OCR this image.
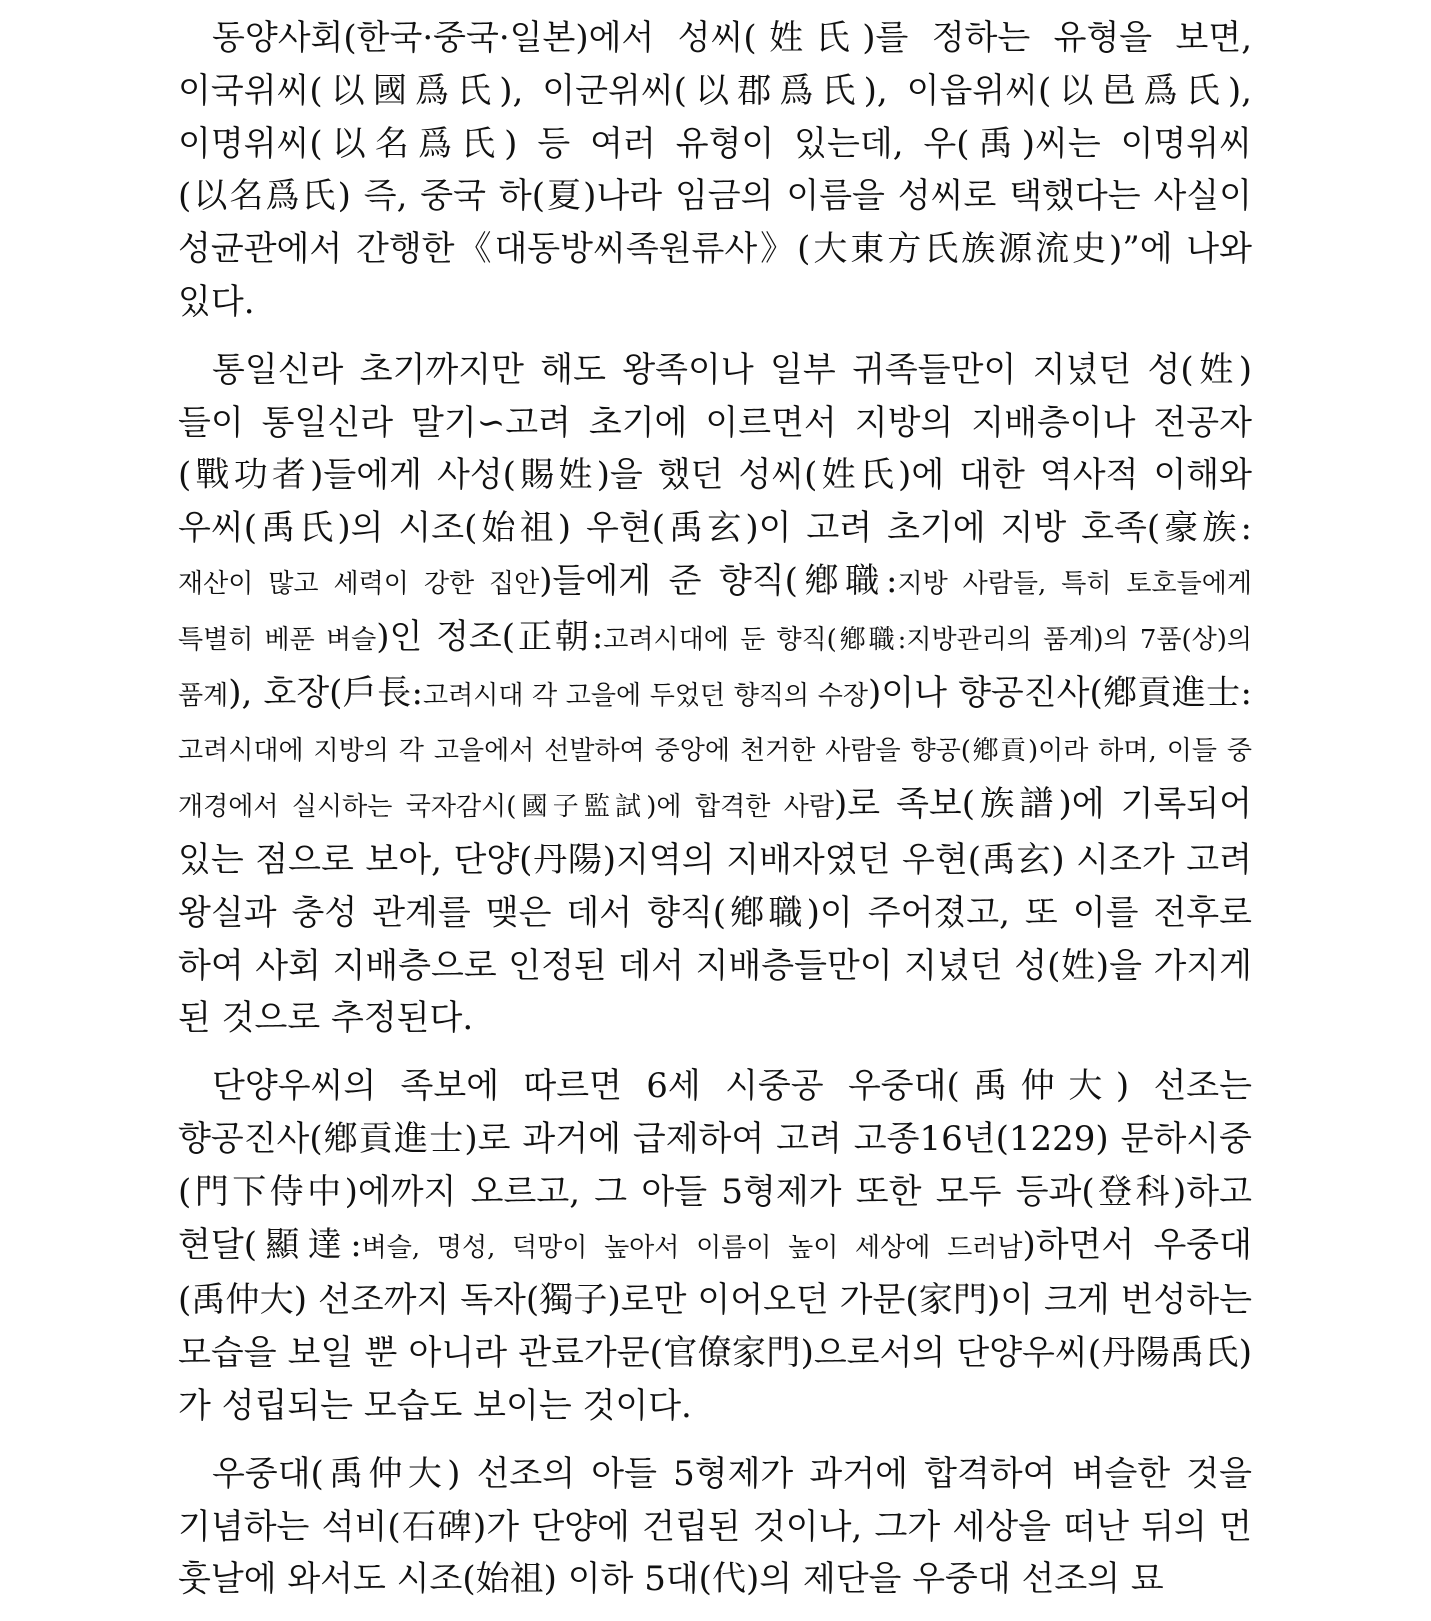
동양사회(한국·중국·일본)에서 성씨(姓氏)를 정하는 유형을 보면, 이국위씨(以國爲氏), 이군위씨(以郡爲氏), 이읍위씨(以邑爲氏), 이명위씨(以名爲氏) 등 여러 유형이 있는데, 우(禹)씨는 이명위씨(以名爲氏) 즉, 중국 하(夏)나라 임금의 이름을 성씨로 택했다는 사실이 성균관에서 간행한《대동방씨족원류사》(大東方氏族源流史)”에 나와 있다.

통일신라 초기까지만 해도 왕족이나 일부 귀족들만이 지녔던 성(姓)들이 통일신라 말기∽고려 초기에 이르면서 지방의 지배층이나 전공자(戰功者)들에게 사성(賜姓)을 했던 성씨(姓氏)에 대한 역사적 이해와 우씨(禹氏)의 시조(始祖) 우현(禹玄)이 고려 초기에 지방 호족(豪族:재산이 많고 세력이 강한 집안)들에게 준 향직(鄕職:지방 사람들, 특히 토호들에게 특별히 베푼 벼슬)인 정조(正朝:고려시대에 둔 향직(鄕職:지방관리의 품계)의 7품(상)의 품계), 호장(戶長:고려시대 각 고을에 두었던 향직의 수장)이나 향공진사(鄕貢進士:고려시대에 지방의 각 고을에서 선발하여 중앙에 천거한 사람을 향공(鄕貢)이라 하며, 이들 중 개경에서 실시하는 국자감시(國子監試)에 합격한 사람)로 족보(族譜)에 기록되어 있는 점으로 보아, 단양(丹陽)지역의 지배자였던 우현(禹玄) 시조가 고려 왕실과 충성 관계를 맺은 데서 향직(鄕職)이 주어졌고, 또 이를 전후로 하여 사회 지배층으로 인정된 데서 지배층들만이 지녔던 성(姓)을 가지게 된 것으로 추정된다.

단양우씨의 족보에 따르면 6세 시중공 우중대(禹仲大) 선조는 향공진사(鄕貢進士)로 과거에 급제하여 고려 고종16년(1229) 문하시중(門下侍中)에까지 오르고, 그 아들 5형제가 또한 모두 등과(登科)하고 현달(顯達:벼슬, 명성, 덕망이 높아서 이름이 높이 세상에 드러남)하면서 우중대(禹仲大) 선조까지 독자(獨子)로만 이어오던 가문(家門)이 크게 번성하는 모습을 보일 뿐 아니라 관료가문(官僚家門)으로서의 단양우씨(丹陽禹氏)가 성립되는 모습도 보이는 것이다.

우중대(禹仲大) 선조의 아들 5형제가 과거에 합격하여 벼슬한 것을 기념하는 석비(石碑)가 단양에 건립된 것이나, 그가 세상을 떠난 뒤의 먼 훗날에 와서도 시조(始祖) 이하 5대(代)의 제단을 우중대 선조의 묘
